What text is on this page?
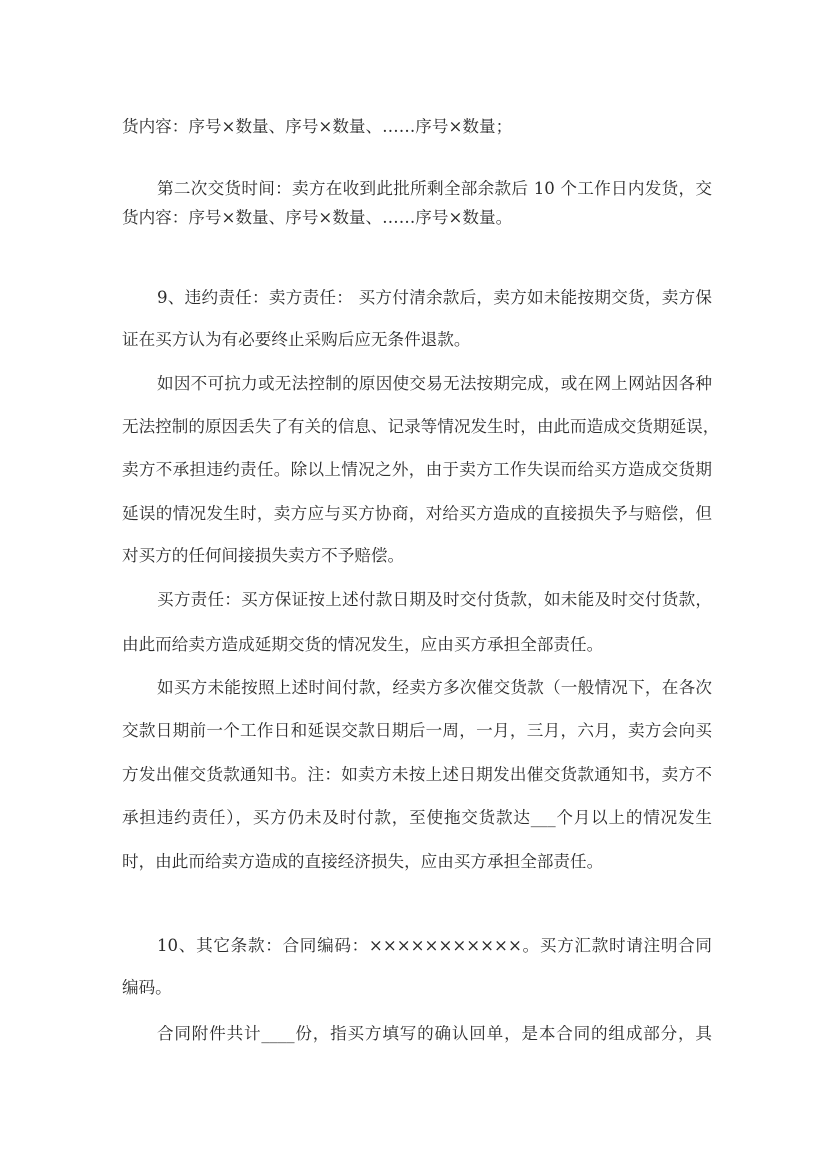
货内容：序号×数量、序号×数量、……序号×数量；
第二次交货时间：卖方在收到此批所剩全部余款后 10 个工作日内发货，交
货内容：序号×数量、序号×数量、……序号×数量。
9、违约责任：卖方责任： 买方付清余款后，卖方如未能按期交货，卖方保
证在买方认为有必要终止采购后应无条件退款。
如因不可抗力或无法控制的原因使交易无法按期完成，或在网上网站因各种
无法控制的原因丢失了有关的信息、记录等情况发生时，由此而造成交货期延误，
卖方不承担违约责任。除以上情况之外，由于卖方工作失误而给买方造成交货期
延误的情况发生时，卖方应与买方协商，对给买方造成的直接损失予与赔偿，但
对买方的任何间接损失卖方不予赔偿。
买方责任：买方保证按上述付款日期及时交付货款，如未能及时交付货款，
由此而给卖方造成延期交货的情况发生，应由买方承担全部责任。
如买方未能按照上述时间付款，经卖方多次催交货款（一般情况下，在各次
交款日期前一个工作日和延误交款日期后一周，一月，三月，六月，卖方会向买
方发出催交货款通知书。注：如卖方未按上述日期发出催交货款通知书，卖方不
承担违约责任），买方仍未及时付款，至使拖交货款达___个月以上的情况发生
时，由此而给卖方造成的直接经济损失，应由买方承担全部责任。
10、其它条款：合同编码：×××××××××××。买方汇款时请注明合同
编码。
合同附件共计____份，指买方填写的确认回单，是本合同的组成部分，具
